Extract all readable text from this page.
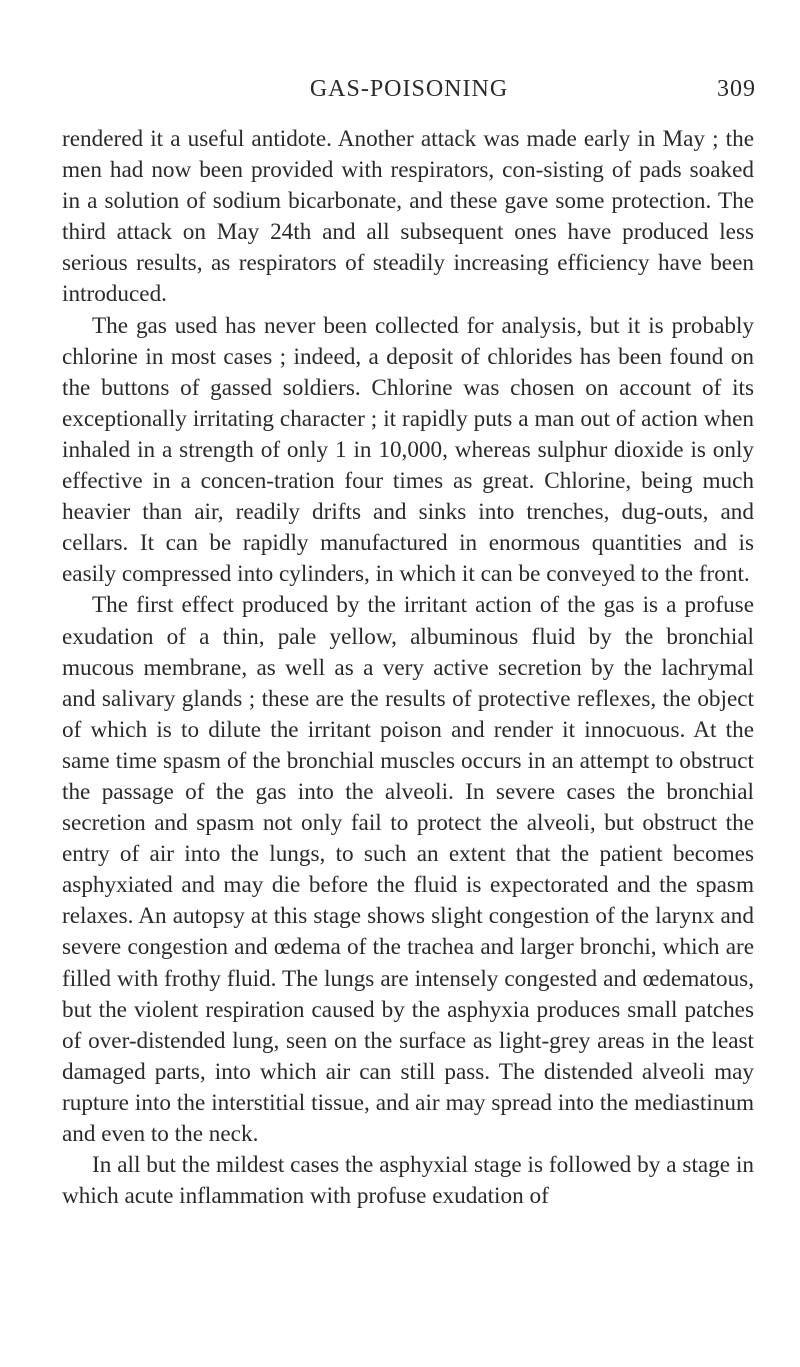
GAS-POISONING	309

rendered it a useful antidote. Another attack was made early in May ; the men had now been provided with respirators, con-sisting of pads soaked in a solution of sodium bicarbonate, and these gave some protection. The third attack on May 24th and all subsequent ones have produced less serious results, as respirators of steadily increasing efficiency have been introduced.

The gas used has never been collected for analysis, but it is probably chlorine in most cases ; indeed, a deposit of chlorides has been found on the buttons of gassed soldiers. Chlorine was chosen on account of its exceptionally irritating character ; it rapidly puts a man out of action when inhaled in a strength of only 1 in 10,000, whereas sulphur dioxide is only effective in a concen-tration four times as great. Chlorine, being much heavier than air, readily drifts and sinks into trenches, dug-outs, and cellars. It can be rapidly manufactured in enormous quantities and is easily compressed into cylinders, in which it can be conveyed to the front.

The first effect produced by the irritant action of the gas is a profuse exudation of a thin, pale yellow, albuminous fluid by the bronchial mucous membrane, as well as a very active secretion by the lachrymal and salivary glands ; these are the results of protective reflexes, the object of which is to dilute the irritant poison and render it innocuous. At the same time spasm of the bronchial muscles occurs in an attempt to obstruct the passage of the gas into the alveoli. In severe cases the bronchial secretion and spasm not only fail to protect the alveoli, but obstruct the entry of air into the lungs, to such an extent that the patient becomes asphyxiated and may die before the fluid is expectorated and the spasm relaxes. An autopsy at this stage shows slight congestion of the larynx and severe congestion and œdema of the trachea and larger bronchi, which are filled with frothy fluid. The lungs are intensely congested and œdematous, but the violent respiration caused by the asphyxia produces small patches of over-distended lung, seen on the surface as light-grey areas in the least damaged parts, into which air can still pass. The distended alveoli may rupture into the interstitial tissue, and air may spread into the mediastinum and even to the neck.

In all but the mildest cases the asphyxial stage is followed by a stage in which acute inflammation with profuse exudation of
